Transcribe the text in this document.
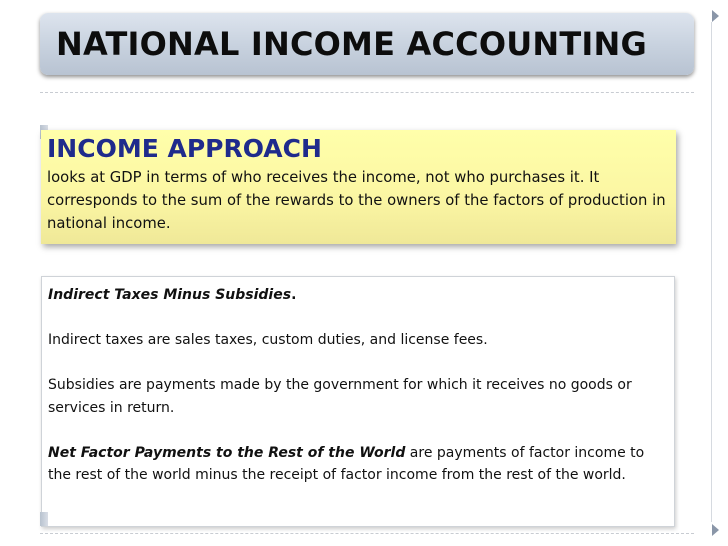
NATIONAL INCOME ACCOUNTING
INCOME APPROACH
looks at GDP in terms of who receives the income, not who purchases it. It corresponds to the sum of the rewards to the owners of the factors of production in national income.

Indirect Taxes Minus Subsidies.

Indirect taxes are sales taxes, custom duties, and license fees.

Subsidies are payments made by the government for which it receives no goods or services in return.

Net Factor Payments to the Rest of the World are payments of factor income to the rest of the world minus the receipt of factor income from the rest of the world.
